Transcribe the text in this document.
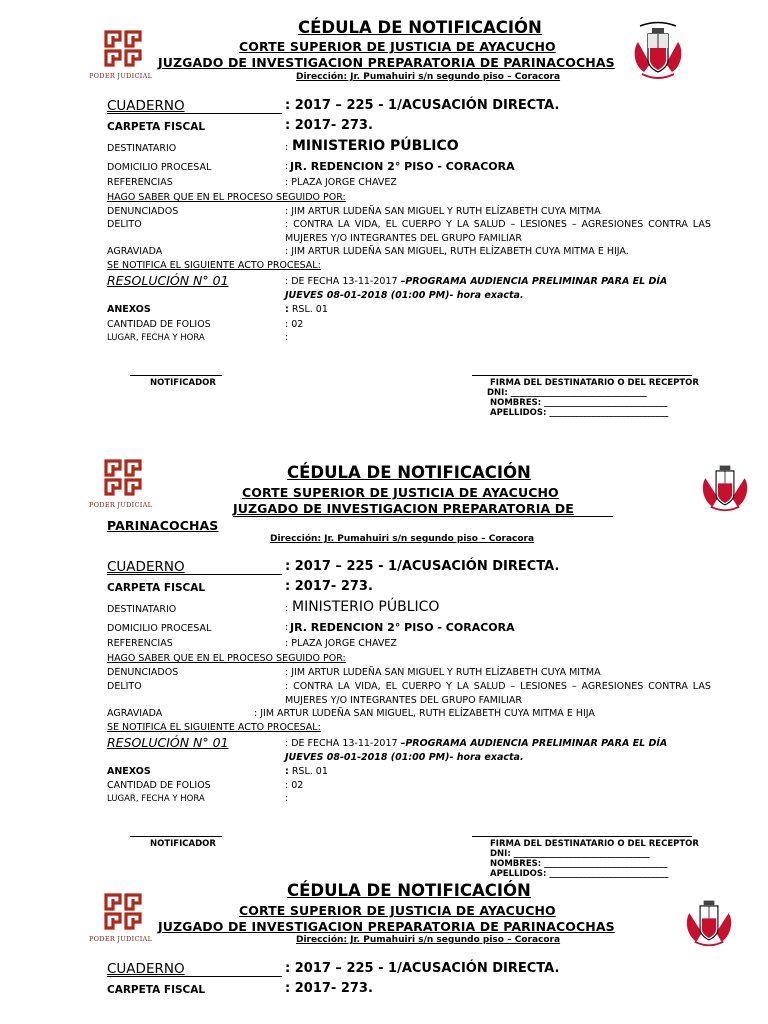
PODER JUDICIAL
CÉDULA DE NOTIFICACIÓN
CORTE SUPERIOR DE JUSTICIA DE AYACUCHO
JUZGADO DE INVESTIGACION PREPARATORIA DE PARINACOCHAS
Dirección: Jr. Pumahuiri s/n segundo piso – Coracora
CUADERNO	: 2017 – 225 - 1/ACUSACIÓN DIRECTA.
CARPETA FISCAL	: 2017- 273.
DESTINATARIO	: MINISTERIO PÚBLICO
DOMICILIO PROCESAL	: JR. REDENCION 2° PISO - CORACORA
REFERENCIAS	: PLAZA JORGE CHAVEZ
HAGO SABER QUE EN EL PROCESO SEGUIDO POR:
DENUNCIADOS	: JIM ARTUR LUDEÑA SAN MIGUEL Y RUTH ELÍZABETH CUYA MITMA
DELITO	: CONTRA LA VIDA, EL CUERPO Y LA SALUD – LESIONES – AGRESIONES CONTRA LAS
MUJERES Y/O INTEGRANTES DEL GRUPO FAMILIAR
AGRAVIADA	: JIM ARTUR LUDEÑA SAN MIGUEL, RUTH ELÍZABETH CUYA MITMA E HIJA.
SE NOTIFICA EL SIGUIENTE ACTO PROCESAL:
RESOLUCIÓN N° 01	: DE FECHA 13-11-2017 –PROGRAMA AUDIENCIA PRELIMINAR PARA EL DÍA
JUEVES 08-01-2018 (01:00 PM)- hora exacta.
ANEXOS	: RSL. 01
CANTIDAD DE FOLIOS	: 02
LUGAR, FECHA Y HORA	:
NOTIFICADOR	FIRMA DEL DESTINATARIO O DEL RECEPTOR
DNI: ________________________________
NOMBRES: _____________________________
APELLIDOS: ____________________________
PODER JUDICIAL
CÉDULA DE NOTIFICACIÓN
CORTE SUPERIOR DE JUSTICIA DE AYACUCHO
JUZGADO DE INVESTIGACION PREPARATORIA DE
PARINACOCHAS
Dirección: Jr. Pumahuiri s/n segundo piso – Coracora
CUADERNO	: 2017 – 225 - 1/ACUSACIÓN DIRECTA.
CARPETA FISCAL	: 2017- 273.
DESTINATARIO	: MINISTERIO PÚBLICO
DOMICILIO PROCESAL	: JR. REDENCION 2° PISO - CORACORA
REFERENCIAS	: PLAZA JORGE CHAVEZ
HAGO SABER QUE EN EL PROCESO SEGUIDO POR:
DENUNCIADOS	: JIM ARTUR LUDEÑA SAN MIGUEL Y RUTH ELÍZABETH CUYA MITMA
DELITO	: CONTRA LA VIDA, EL CUERPO Y LA SALUD – LESIONES – AGRESIONES CONTRA LAS
MUJERES Y/O INTEGRANTES DEL GRUPO FAMILIAR
AGRAVIADA	: JIM ARTUR LUDEÑA SAN MIGUEL, RUTH ELÍZABETH CUYA MITMA E HIJA
SE NOTIFICA EL SIGUIENTE ACTO PROCESAL:
RESOLUCIÓN N° 01	: DE FECHA 13-11-2017 –PROGRAMA AUDIENCIA PRELIMINAR PARA EL DÍA
JUEVES 08-01-2018 (01:00 PM)- hora exacta.
ANEXOS	: RSL. 01
CANTIDAD DE FOLIOS	: 02
LUGAR, FECHA Y HORA	:
NOTIFICADOR	FIRMA DEL DESTINATARIO O DEL RECEPTOR
DNI: ________________________________
NOMBRES: _____________________________
APELLIDOS: ____________________________
PODER JUDICIAL
CÉDULA DE NOTIFICACIÓN
CORTE SUPERIOR DE JUSTICIA DE AYACUCHO
JUZGADO DE INVESTIGACION PREPARATORIA DE PARINACOCHAS
Dirección: Jr. Pumahuiri s/n segundo piso – Coracora
CUADERNO	: 2017 – 225 - 1/ACUSACIÓN DIRECTA.
CARPETA FISCAL	: 2017- 273.
